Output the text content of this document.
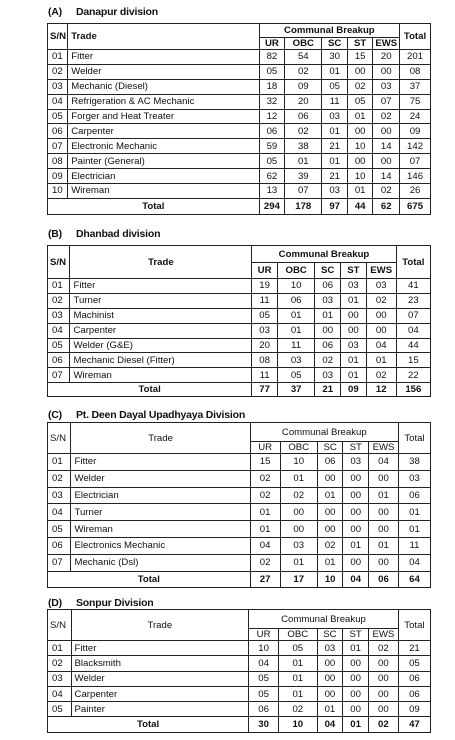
(A) Danapur division
S/N	Trade	Communal Breakup					Total
		UR	OBC	SC	ST	EWS	
01	Fitter	82	54	30	15	20	201
02	Welder	05	02	01	00	00	08
03	Mechanic (Diesel)	18	09	05	02	03	37
04	Refrigeration & AC Mechanic	32	20	11	05	07	75
05	Forger and Heat Treater	12	06	03	01	02	24
06	Carpenter	06	02	01	00	00	09
07	Electronic Mechanic	59	38	21	10	14	142
08	Painter (General)	05	01	01	00	00	07
09	Electrician	62	39	21	10	14	146
10	Wireman	13	07	03	01	02	26
Total		294	178	97	44	62	675
(B) Dhanbad division
S/N	Trade	Communal Breakup					Total
		UR	OBC	SC	ST	EWS	
01	Fitter	19	10	06	03	03	41
02	Turner	11	06	03	01	02	23
03	Machinist	05	01	01	00	00	07
04	Carpenter	03	01	00	00	00	04
05	Welder (G&E)	20	11	06	03	04	44
06	Mechanic Diesel (Fitter)	08	03	02	01	01	15
07	Wireman	11	05	03	01	02	22
Total		77	37	21	09	12	156
(C) Pt. Deen Dayal Upadhyaya Division
S/N	Trade	Communal Breakup					Total
		UR	OBC	SC	ST	EWS	
01	Fitter	15	10	06	03	04	38
02	Welder	02	01	00	00	00	03
03	Electrician	02	02	01	00	01	06
04	Turner	01	00	00	00	00	01
05	Wireman	01	00	00	00	00	01
06	Electronics Mechanic	04	03	02	01	01	11
07	Mechanic (Dsl)	02	01	01	00	00	04
Total		27	17	10	04	06	64
(D) Sonpur Division
S/N	Trade	Communal Breakup					Total
		UR	OBC	SC	ST	EWS	
01	Fitter	10	05	03	01	02	21
02	Blacksmith	04	01	00	00	00	05
03	Welder	05	01	00	00	00	06
04	Carpenter	05	01	00	00	00	06
05	Painter	06	02	01	00	00	09
Total		30	10	04	01	02	47
